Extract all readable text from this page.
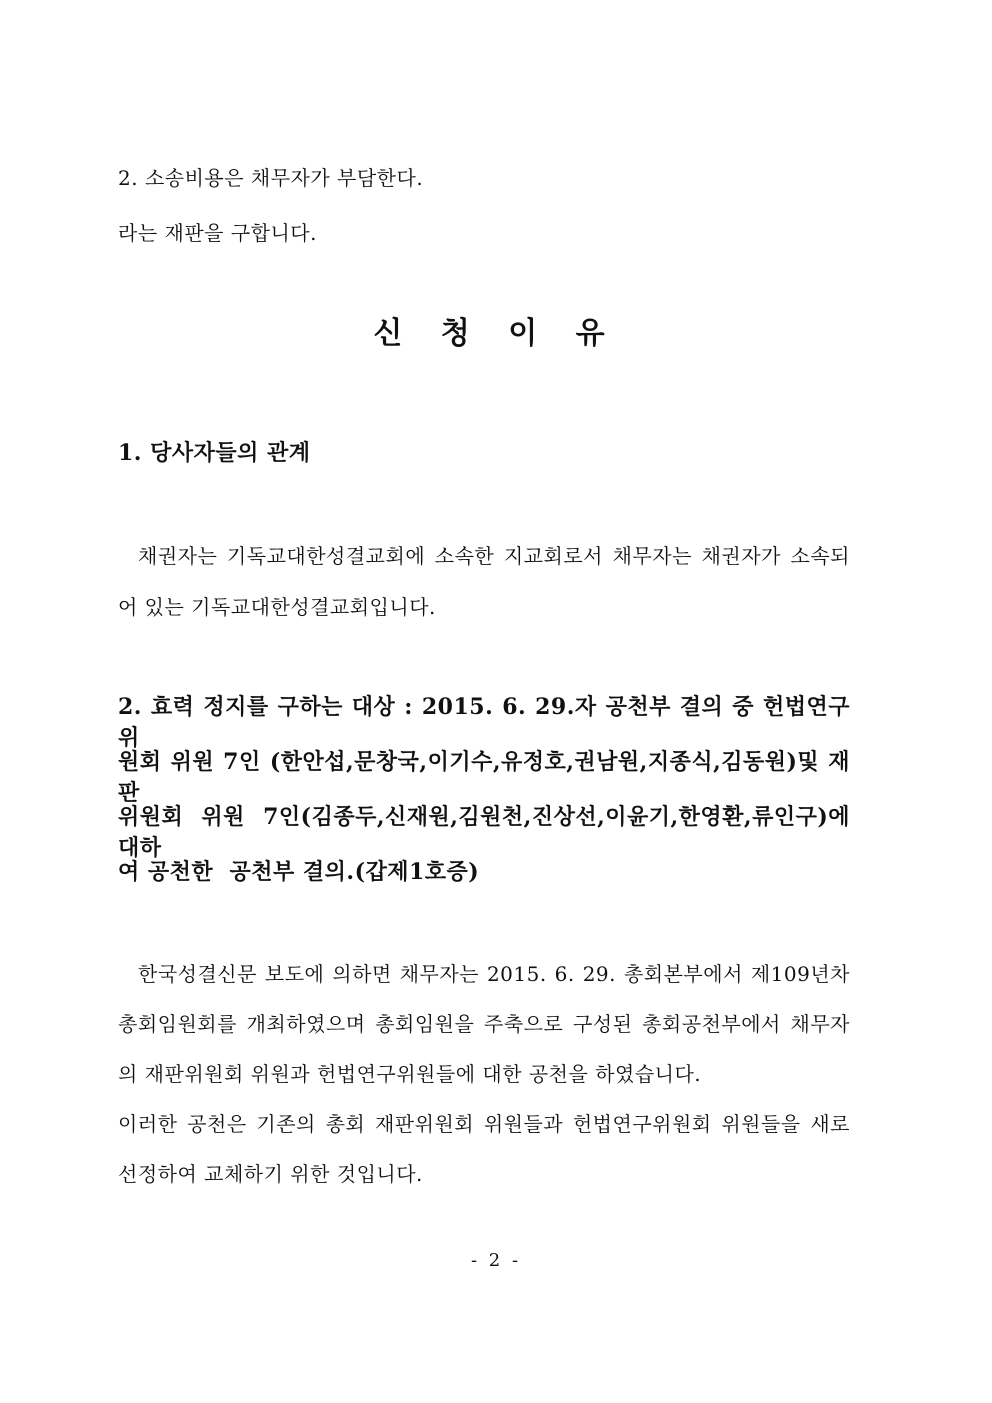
2. 소송비용은 채무자가 부담한다.
라는 재판을 구합니다.
신 청 이 유
1. 당사자들의 관계
채권자는 기독교대한성결교회에 소속한 지교회로서 채무자는 채권자가 소속되
어 있는 기독교대한성결교회입니다.
2. 효력 정지를 구하는 대상 : 2015. 6. 29.자 공천부 결의 중 헌법연구위
원회 위원 7인 (한안섭,문창국,이기수,유정호,권남원,지종식,김동원)및 재판
위원회 위원 7인(김종두,신재원,김원천,진상선,이윤기,한영환,류인구)에 대하
여 공천한  공천부 결의.(갑제1호증)
한국성결신문 보도에 의하면 채무자는 2015. 6. 29. 총회본부에서 제109년차
총회임원회를 개최하였으며 총회임원을 주축으로 구성된 총회공천부에서 채무자
의 재판위원회 위원과 헌법연구위원들에 대한 공천을 하였습니다.
이러한 공천은 기존의 총회 재판위원회 위원들과 헌법연구위원회 위원들을 새로
선정하여 교체하기 위한 것입니다.
- 2 -
